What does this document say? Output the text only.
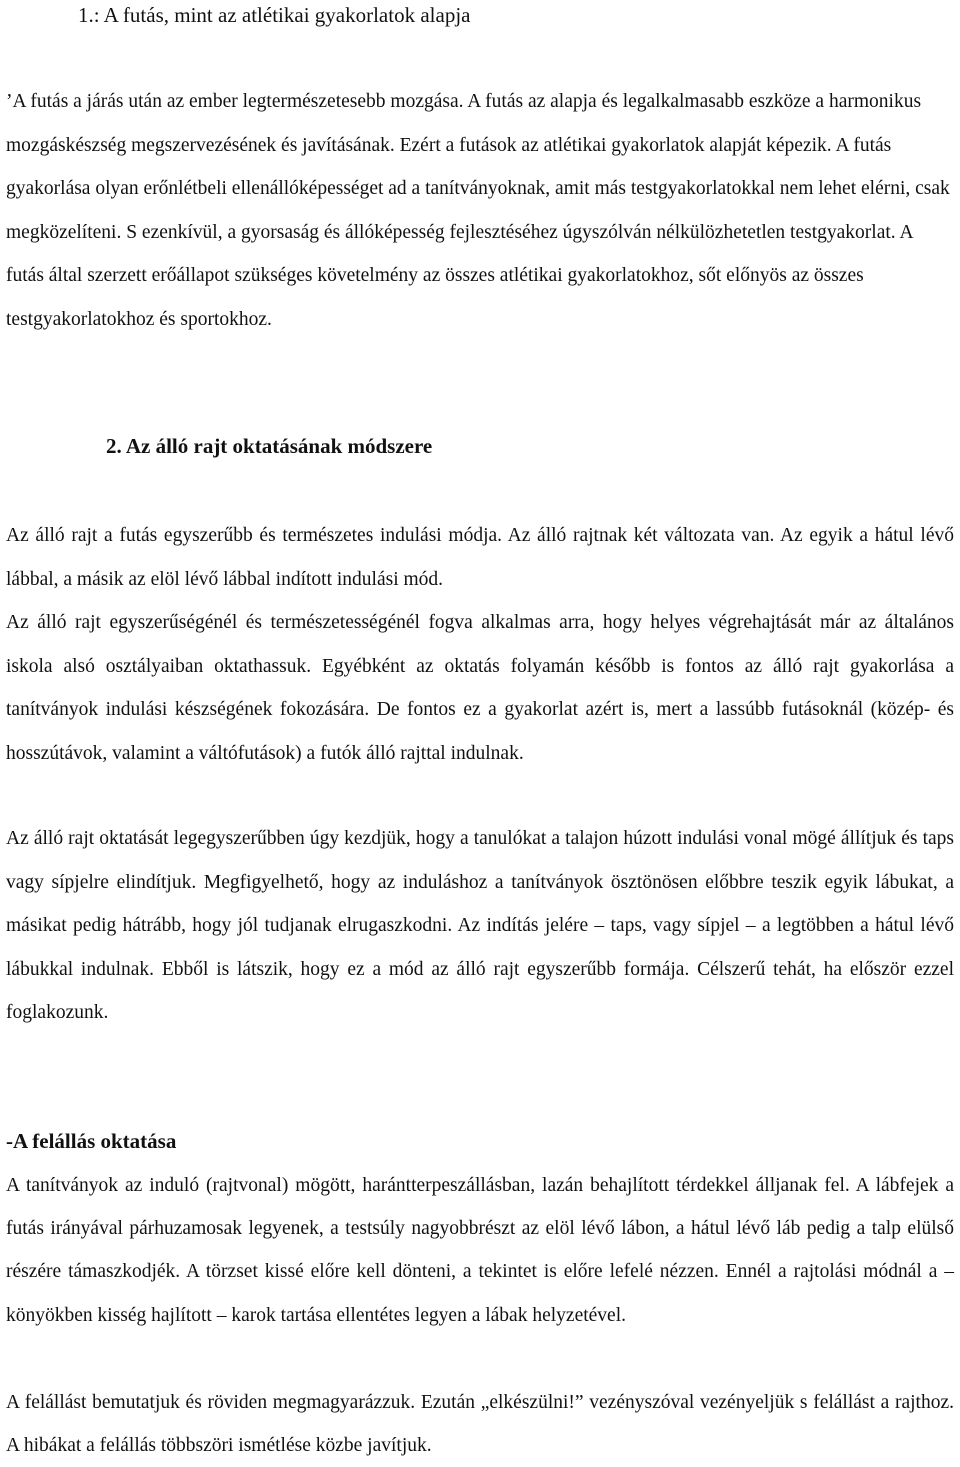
1.: A futás, mint az atlétikai gyakorlatok alapja

’A futás a járás után az ember legtermészetesebb mozgása. A futás az alapja és legalkalmasabb eszköze a harmonikus mozgáskészség megszervezésének és javításának. Ezért a futások az atlétikai gyakorlatok alapját képezik. A futás gyakorlása olyan erőnlétbeli ellenállóképességet ad a tanítványoknak, amit más testgyakorlatokkal nem lehet elérni, csak megközelíteni. S ezenkívül, a gyorsaság és állóképesség fejlesztéséhez úgyszólván nélkülözhetetlen testgyakorlat. A futás által szerzett erőállapot szükséges követelmény az összes atlétikai gyakorlatokhoz, sőt előnyös az összes testgyakorlatokhoz és sportokhoz.

2. Az álló rajt oktatásának módszere

Az álló rajt a futás egyszerűbb és természetes indulási módja. Az álló rajtnak két változata van. Az egyik a hátul lévő lábbal, a másik az elöl lévő lábbal indított indulási mód.

Az álló rajt egyszerűségénél és természetességénél fogva alkalmas arra, hogy helyes végrehajtását már az általános iskola alsó osztályaiban oktathassuk. Egyébként az oktatás folyamán később is fontos az álló rajt gyakorlása a tanítványok indulási készségének fokozására. De fontos ez a gyakorlat azért is, mert a lassúbb futásoknál (közép- és hosszútávok, valamint a váltófutások) a futók álló rajttal indulnak.

Az álló rajt oktatását legegyszerűbben úgy kezdjük, hogy a tanulókat a talajon húzott indulási vonal mögé állítjuk és taps vagy sípjelre elindítjuk. Megfigyelhető, hogy az induláshoz a tanítványok ösztönösen előbbre teszik egyik lábukat, a másikat pedig hátrább, hogy jól tudjanak elrugaszkodni. Az indítás jelére – taps, vagy sípjel – a legtöbben a hátul lévő lábukkal indulnak. Ebből is látszik, hogy ez a mód az álló rajt egyszerűbb formája. Célszerű tehát, ha először ezzel foglakozunk.

-A felállás oktatása

A tanítványok az induló (rajtvonal) mögött, harántterpeszállásban, lazán behajlított térdekkel álljanak fel. A lábfejek a futás irányával párhuzamosak legyenek, a testsúly nagyobbrészt az elöl lévő lábon, a hátul lévő láb pedig a talp elülső részére támaszkodjék. A törzset kissé előre kell dönteni, a tekintet is előre lefelé nézzen. Ennél a rajtolási módnál a – könyökben kisség hajlított – karok tartása ellentétes legyen a lábak helyzetével.

A felállást bemutatjuk és röviden megmagyarázzuk. Ezután „elkészülni!” vezényszóval vezényeljük s felállást a rajthoz. A hibákat a felállás többszöri ismétlése közbe javítjuk.
